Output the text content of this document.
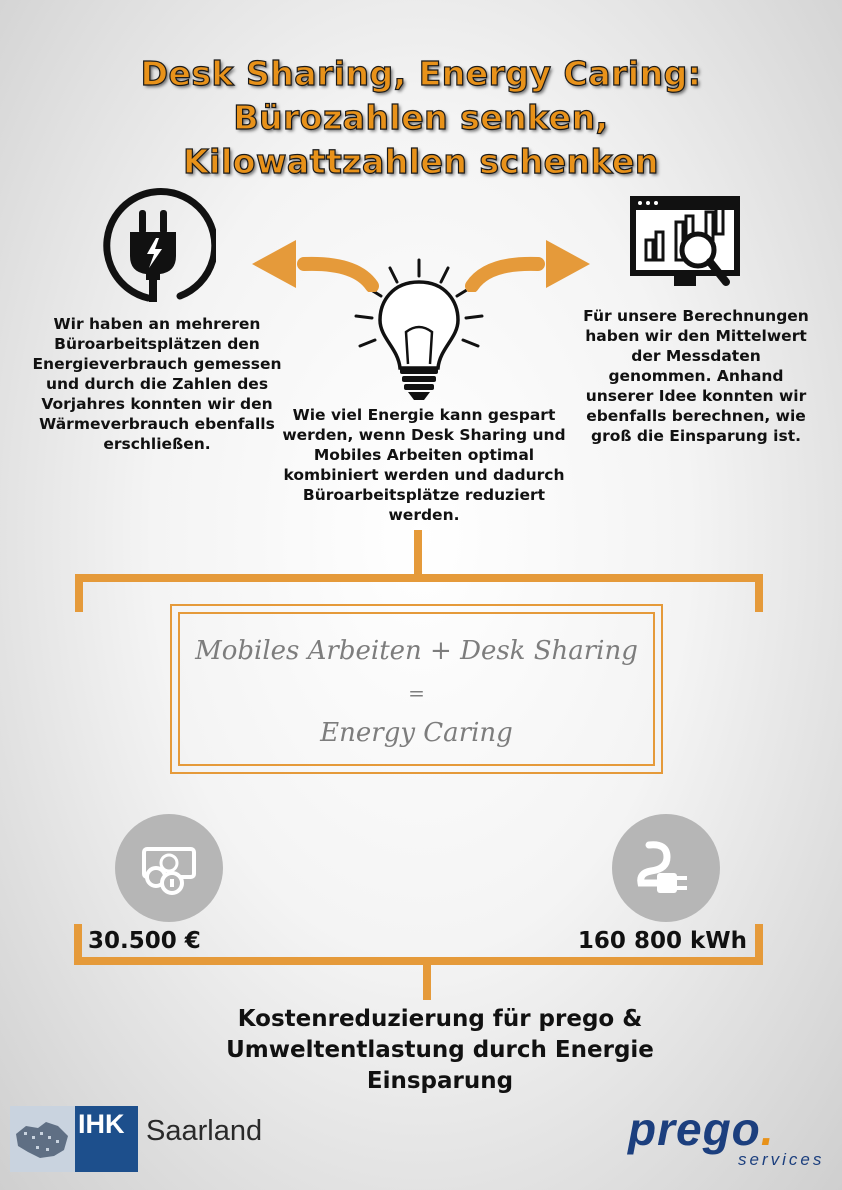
Desk Sharing, Energy Caring:
Bürozahlen senken,
Kilowattzahlen schenken
Wir haben an mehreren Büroarbeitsplätzen den Energieverbrauch gemessen und durch die Zahlen des Vorjahres konnten wir den Wärmeverbrauch ebenfalls erschließen.
Wie viel Energie kann gespart werden, wenn Desk Sharing und Mobiles Arbeiten optimal kombiniert werden und dadurch Büroarbeitsplätze reduziert werden.
Für unsere Berechnungen haben wir den Mittelwert der Messdaten genommen. Anhand unserer Idee konnten wir ebenfalls berechnen, wie groß die Einsparung ist.
Mobiles Arbeiten + Desk Sharing
=
Energy Caring
30.500 €	160 800 kWh
Kostenreduzierung für prego & Umweltentlastung durch Energie Einsparung
IHK Saarland	prego.
services
